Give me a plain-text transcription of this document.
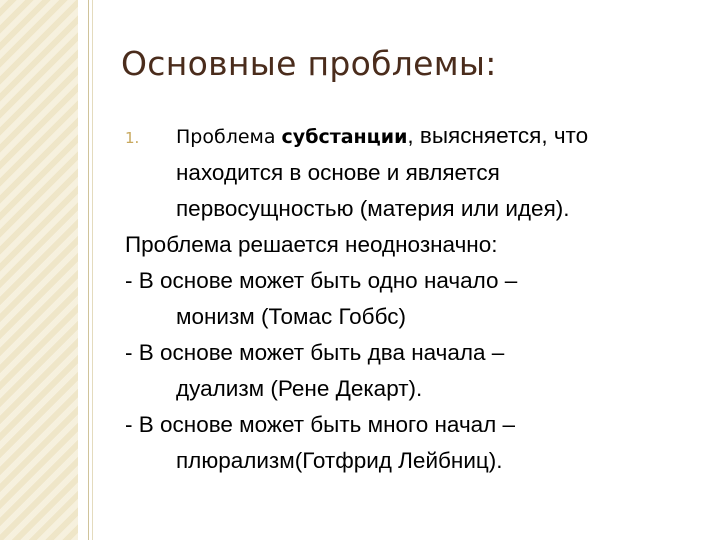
Основные проблемы:
1. Проблема субстанции, выясняется, что
находится в основе и является
первосущностью (материя или идея).
Проблема решается неоднозначно:
- В основе может быть одно начало –
монизм (Томас Гоббс)
- В основе может быть два начала –
дуализм (Рене Декарт).
- В основе может быть много начал –
плюрализм(Готфрид Лейбниц).
